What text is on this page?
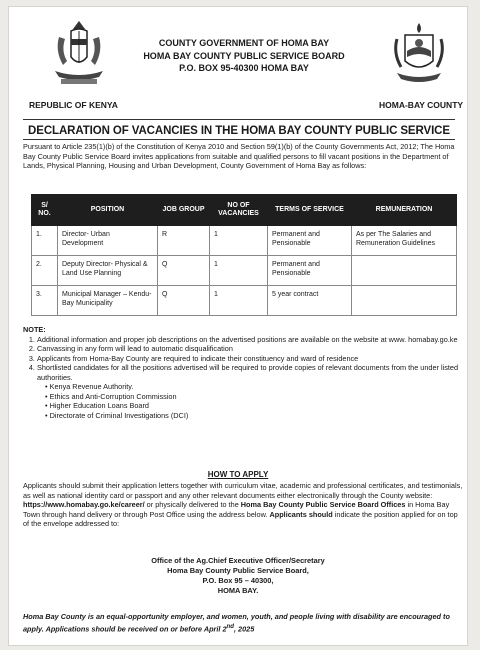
COUNTY GOVERNMENT OF HOMA BAY
HOMA BAY COUNTY PUBLIC SERVICE BOARD
P.O. BOX 95-40300 HOMA BAY
REPUBLIC OF KENYA	HOMA-BAY COUNTY
DECLARATION OF VACANCIES IN THE HOMA BAY COUNTY PUBLIC SERVICE
Pursuant to Article 235(1)(b) of the Constitution of Kenya 2010 and Section 59(1)(b) of the County Governments Act, 2012; The Homa Bay County Public Service Board invites applications from suitable and qualified persons to fill vacant positions in the Department of Lands, Physical Planning, Housing and Urban Development, County Government of Homa Bay as follows:
S/ NO.	POSITION	JOB GROUP	NO OF VACANCIES	TERMS OF SERVICE	REMUNERATION
1.	Director- Urban Development	R	1	Permanent and Pensionable	As per The Salaries and Remuneration Guidelines
2.	Deputy Director- Physical & Land Use Planning	Q	1	Permanent and Pensionable	
3.	Municipal Manager – Kendu-Bay Municipality	Q	1	5 year contract	
NOTE:
1. Additional information and proper job descriptions on the advertised positions are available on the website at www. homabay.go.ke
2. Canvassing in any form will lead to automatic disqualification
3. Applicants from Homa-Bay County are required to indicate their constituency and ward of residence
4. Shortlisted candidates for all the positions advertised will be required to provide copies of relevant documents from the under listed authorities.
• Kenya Revenue Authority.
• Ethics and Anti-Corruption Commission
• Higher Education Loans Board
• Directorate of Criminal Investigations (DCI)
HOW TO APPLY
Applicants should submit their application letters together with curriculum vitae, academic and professional certificates, and testimonials, as well as national identity card or passport and any other relevant documents either electronically through the County website: https://www.homabay.go.ke/career/ or physically delivered to the Homa Bay County Public Service Board Offices in Homa Bay Town through hand delivery or through Post Office using the address below. Applicants should indicate the position applied for on top of the envelope addressed to:
Office of the Ag.Chief Executive Officer/Secretary
Homa Bay County Public Service Board,
P.O. Box 95 – 40300,
HOMA BAY.
Homa Bay County is an equal-opportunity employer, and women, youth, and people living with disability are encouraged to apply. Applications should be received on or before April 2nd, 2025
